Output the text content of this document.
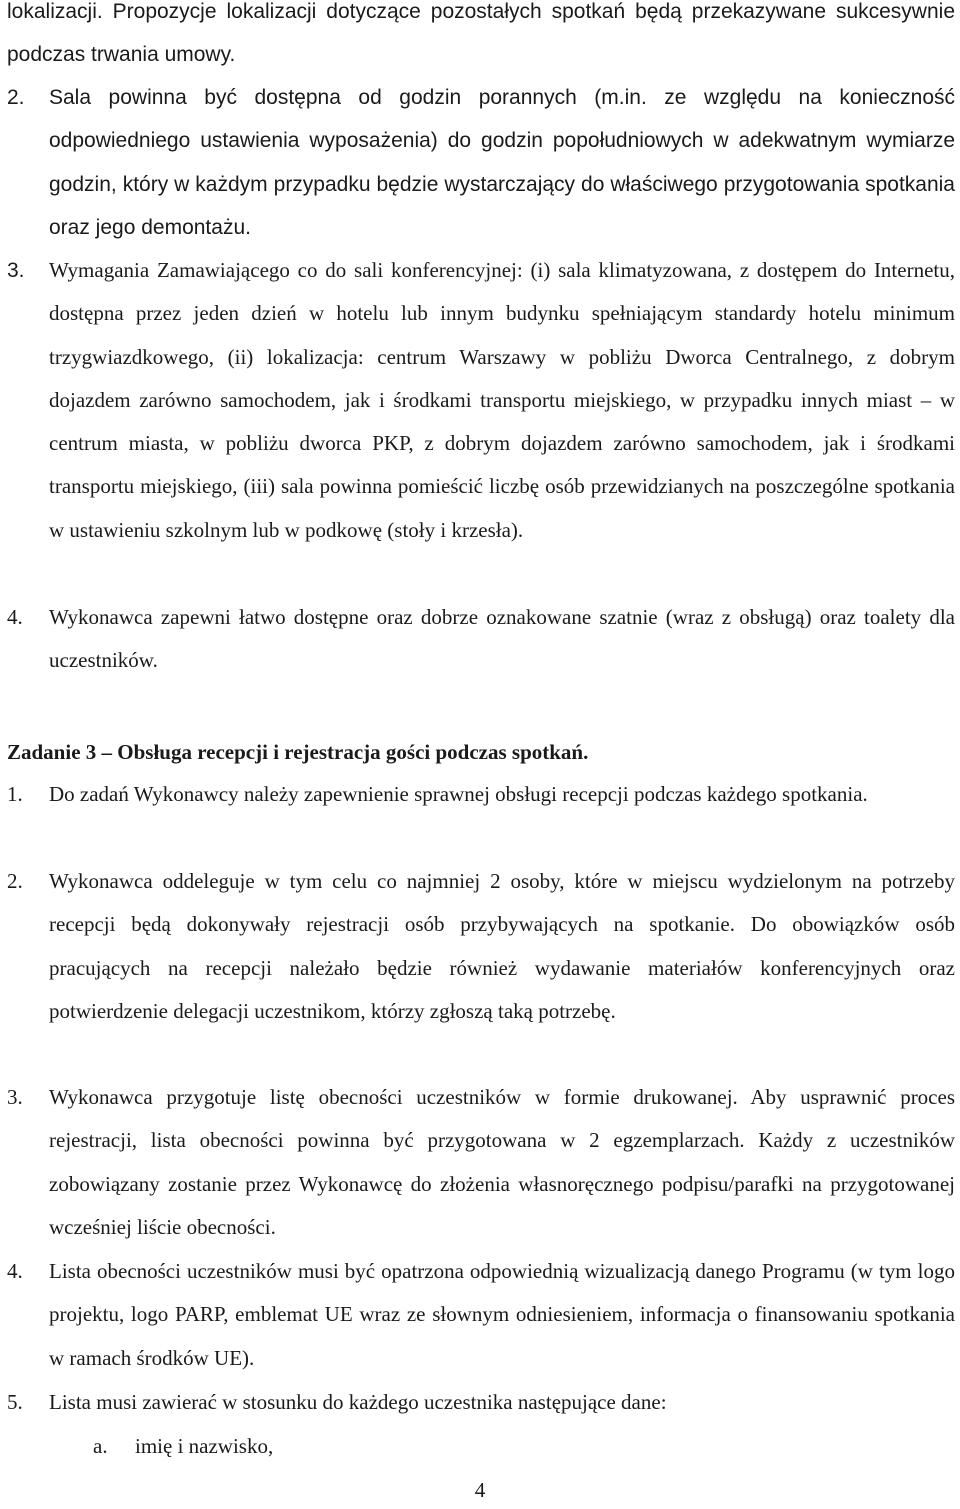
lokalizacji. Propozycje lokalizacji dotyczące pozostałych spotkań będą przekazywane sukcesywnie podczas trwania umowy.
2.	Sala powinna być dostępna od godzin porannych (m.in. ze względu na konieczność odpowiedniego ustawienia wyposażenia) do godzin popołudniowych w adekwatnym wymiarze godzin, który w każdym przypadku będzie wystarczający do właściwego przygotowania spotkania oraz jego demontażu.
3.	Wymagania Zamawiającego co do sali konferencyjnej: (i) sala klimatyzowana, z dostępem do Internetu, dostępna przez jeden dzień w hotelu lub innym budynku spełniającym standardy hotelu minimum trzygwiazdkowego, (ii) lokalizacja: centrum Warszawy w pobliżu Dworca Centralnego, z dobrym dojazdem zarówno samochodem, jak i środkami transportu miejskiego, w przypadku innych miast – w centrum miasta, w pobliżu dworca PKP, z dobrym dojazdem zarówno samochodem, jak i środkami transportu miejskiego, (iii) sala powinna pomieścić liczbę osób przewidzianych na poszczególne spotkania w ustawieniu szkolnym lub w podkowę (stoły i krzesła).
4.	Wykonawca zapewni łatwo dostępne oraz dobrze oznakowane szatnie (wraz z obsługą) oraz toalety dla uczestników.
Zadanie 3 – Obsługa recepcji i rejestracja gości podczas spotkań.
1.	Do zadań Wykonawcy należy zapewnienie sprawnej obsługi recepcji podczas każdego spotkania.
2.	Wykonawca oddeleguje w tym celu co najmniej 2 osoby, które w miejscu wydzielonym na potrzeby recepcji będą dokonywały rejestracji osób przybywających na spotkanie. Do obowiązków osób pracujących na recepcji należało będzie również wydawanie materiałów konferencyjnych oraz potwierdzenie delegacji uczestnikom, którzy zgłoszą taką potrzebę.
3.	Wykonawca przygotuje listę obecności uczestników w formie drukowanej. Aby usprawnić proces rejestracji, lista obecności powinna być przygotowana w 2 egzemplarzach. Każdy z uczestników zobowiązany zostanie przez Wykonawcę do złożenia własnoręcznego podpisu/parafki na przygotowanej wcześniej liście obecności.
4.	Lista obecności uczestników musi być opatrzona odpowiednią wizualizacją danego Programu (w tym logo projektu, logo PARP, emblemat UE wraz ze słownym odniesieniem, informacja o finansowaniu spotkania w ramach środków UE).
5.	Lista musi zawierać w stosunku do każdego uczestnika następujące dane:
a. imię i nazwisko,
4
